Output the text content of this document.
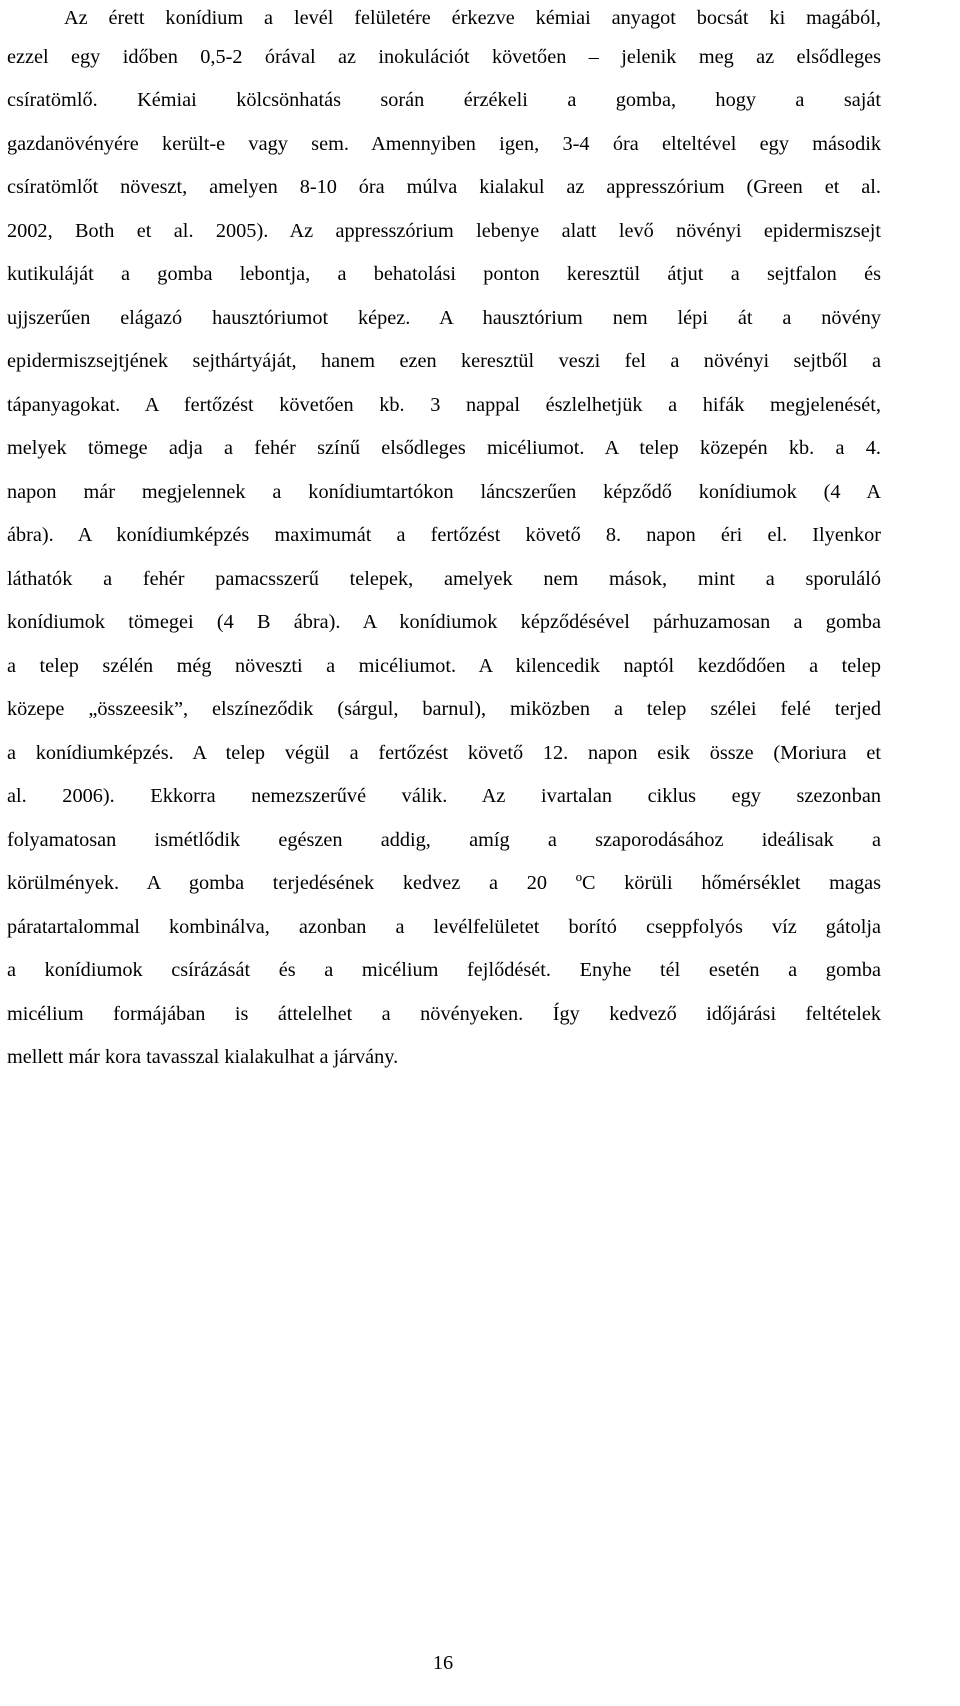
Az érett konídium a levél felületére érkezve kémiai anyagot bocsát ki magából,
ezzel egy időben 0,5-2 órával az inokulációt követően – jelenik meg az elsődleges
csíratömlő. Kémiai kölcsönhatás során érzékeli a gomba, hogy a saját
gazdanövényére került-e vagy sem. Amennyiben igen, 3-4 óra elteltével egy második
csíratömlőt növeszt, amelyen 8-10 óra múlva kialakul az appresszórium (Green et al.
2002, Both et al. 2005). Az appresszórium lebenye alatt levő növényi epidermiszsejt
kutikuláját a gomba lebontja, a behatolási ponton keresztül átjut a sejtfalon és
ujjszerűen elágazó hausztóriumot képez. A hausztórium nem lépi át a növény
epidermiszsejtjének sejthártyáját, hanem ezen keresztül veszi fel a növényi sejtből a
tápanyagokat. A fertőzést követően kb. 3 nappal észlelhetjük a hifák megjelenését,
melyek tömege adja a fehér színű elsődleges micéliumot. A telep közepén kb. a 4.
napon már megjelennek a konídiumtartókon láncszerűen képződő konídiumok (4 A
ábra). A konídiumképzés maximumát a fertőzést követő 8. napon éri el. Ilyenkor
láthatók a fehér pamacsszerű telepek, amelyek nem mások, mint a sporuláló
konídiumok tömegei (4 B ábra). A konídiumok képződésével párhuzamosan a gomba
a telep szélén még növeszti a micéliumot. A kilencedik naptól kezdődően a telep
közepe „összeesik”, elszíneződik (sárgul, barnul), miközben a telep szélei felé terjed
a konídiumképzés. A telep végül a fertőzést követő 12. napon esik össze (Moriura et
al. 2006). Ekkorra nemezszerűvé válik. Az ivartalan ciklus egy szezonban
folyamatosan ismétlődik egészen addig, amíg a szaporodásához ideálisak a
körülmények. A gomba terjedésének kedvez a 20 ºC körüli hőmérséklet magas
páratartalommal kombinálva, azonban a levélfelületet borító cseppfolyós víz gátolja
a konídiumok csírázását és a micélium fejlődését. Enyhe tél esetén a gomba
micélium formájában is áttelelhet a növényeken. Így kedvező időjárási feltételek
mellett már kora tavasszal kialakulhat a járvány.
16
